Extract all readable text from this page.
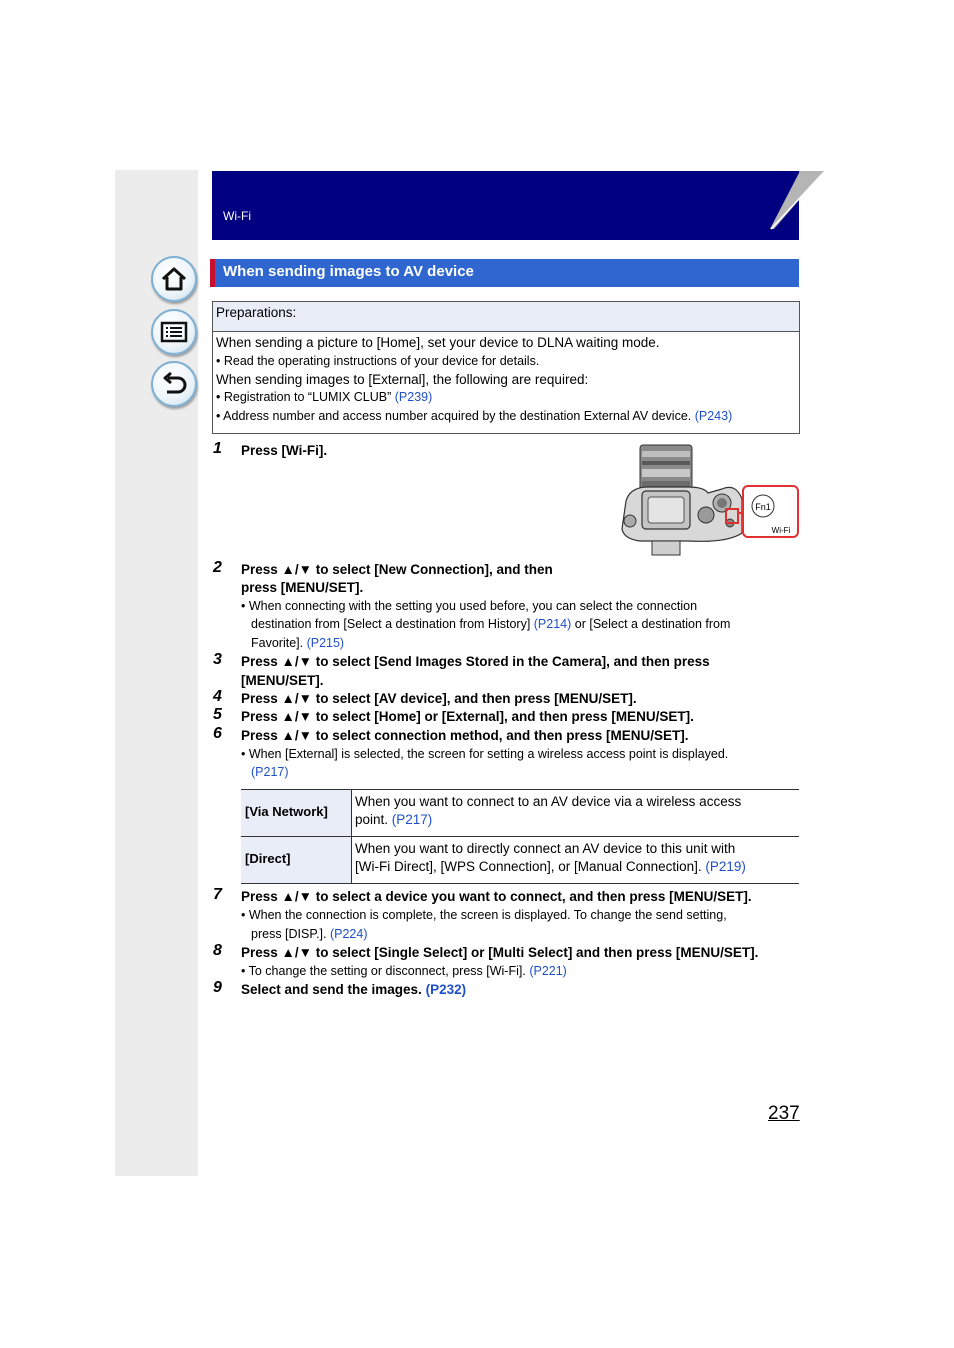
Wi-Fi
When sending images to AV device
Preparations:
When sending a picture to [Home], set your device to DLNA waiting mode.
• Read the operating instructions of your device for details.
When sending images to [External], the following are required:
• Registration to “LUMIX CLUB” (P239)
• Address number and access number acquired by the destination External AV device. (P243)
1 Press [Wi-Fi].
Fn1
Wi-Fi
2 Press ▲/▼ to select [New Connection], and then
press [MENU/SET].
• When connecting with the setting you used before, you can select the connection
destination from [Select a destination from History] (P214) or [Select a destination from
Favorite]. (P215)
3 Press ▲/▼ to select [Send Images Stored in the Camera], and then press
[MENU/SET].
4 Press ▲/▼ to select [AV device], and then press [MENU/SET].
5 Press ▲/▼ to select [Home] or [External], and then press [MENU/SET].
6 Press ▲/▼ to select connection method, and then press [MENU/SET].
• When [External] is selected, the screen for setting a wireless access point is displayed.
(P217)
[Via Network]
When you want to connect to an AV device via a wireless access
point. (P217)
[Direct]
When you want to directly connect an AV device to this unit with
[Wi-Fi Direct], [WPS Connection], or [Manual Connection]. (P219)
7 Press ▲/▼ to select a device you want to connect, and then press [MENU/SET].
• When the connection is complete, the screen is displayed. To change the send setting,
press [DISP.]. (P224)
8 Press ▲/▼ to select [Single Select] or [Multi Select] and then press [MENU/SET].
• To change the setting or disconnect, press [Wi-Fi]. (P221)
9 Select and send the images. (P232)
237
